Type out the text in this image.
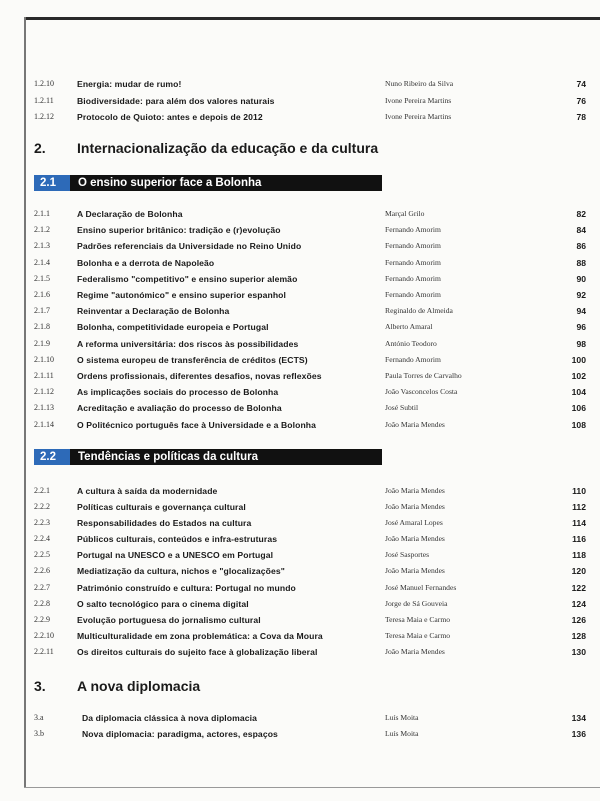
1.2.10	Energia: mudar de rumo!	Nuno Ribeiro da Silva	74
1.2.11	Biodiversidade: para além dos valores naturais	Ivone Pereira Martins	76
1.2.12	Protocolo de Quioto: antes e depois de 2012	Ivone Pereira Martins	78
2. Internacionalização da educação e da cultura
2.1	O ensino superior face a Bolonha
2.1.1	A Declaração de Bolonha	Marçal Grilo	82
2.1.2	Ensino superior britânico: tradição e (r)evolução	Fernando Amorim	84
2.1.3	Padrões referenciais da Universidade no Reino Unido	Fernando Amorim	86
2.1.4	Bolonha e a derrota de Napoleão	Fernando Amorim	88
2.1.5	Federalismo "competitivo" e ensino superior alemão	Fernando Amorim	90
2.1.6	Regime "autonómico" e ensino superior espanhol	Fernando Amorim	92
2.1.7	Reinventar a Declaração de Bolonha	Reginaldo de Almeida	94
2.1.8	Bolonha, competitividade europeia e Portugal	Alberto Amaral	96
2.1.9	A reforma universitária: dos riscos às possibilidades	António Teodoro	98
2.1.10	O sistema europeu de transferência de créditos (ECTS)	Fernando Amorim	100
2.1.11	Ordens profissionais, diferentes desafios, novas reflexões	Paula Torres de Carvalho	102
2.1.12	As implicações sociais do processo de Bolonha	João Vasconcelos Costa	104
2.1.13	Acreditação e avaliação do processo de Bolonha	José Subtil	106
2.1.14	O Politécnico português face à Universidade e a Bolonha	João Maria Mendes	108
2.2	Tendências e políticas da cultura
2.2.1	A cultura à saída da modernidade	João Maria Mendes	110
2.2.2	Políticas culturais e governança cultural	João Maria Mendes	112
2.2.3	Responsabilidades do Estados na cultura	José Amaral Lopes	114
2.2.4	Públicos culturais, conteúdos e infra-estruturas	João Maria Mendes	116
2.2.5	Portugal na UNESCO e a UNESCO em Portugal	José Sasportes	118
2.2.6	Mediatização da cultura, nichos e "glocalizações"	João Maria Mendes	120
2.2.7	Património construído e cultura: Portugal no mundo	José Manuel Fernandes	122
2.2.8	O salto tecnológico para o cinema digital	Jorge de Sá Gouveia	124
2.2.9	Evolução portuguesa do jornalismo cultural	Teresa Maia e Carmo	126
2.2.10	Multiculturalidade em zona problemática: a Cova da Moura	Teresa Maia e Carmo	128
2.2.11	Os direitos culturais do sujeito face à globalização liberal	João Maria Mendes	130
3. A nova diplomacia
3.a	Da diplomacia clássica à nova diplomacia	Luís Moita	134
3.b	Nova diplomacia: paradigma, actores, espaços	Luís Moita	136
